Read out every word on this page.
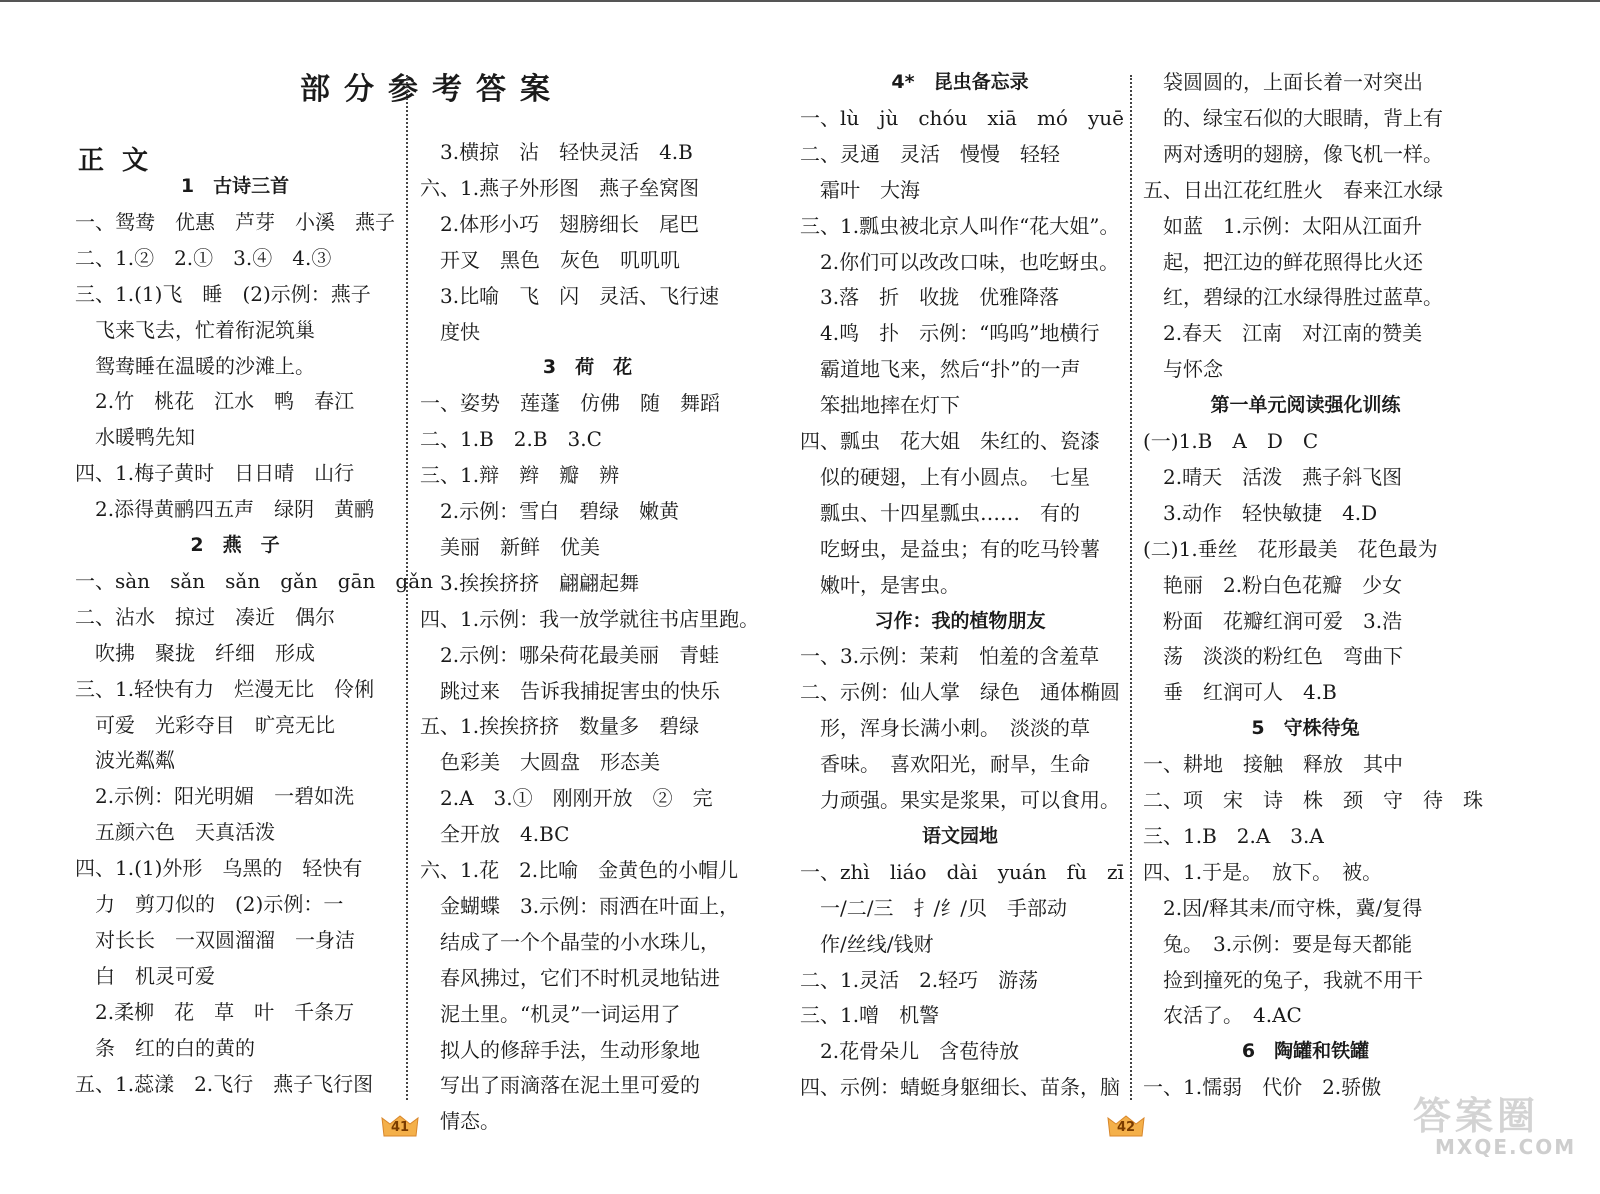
部分参考答案
正文
1　古诗三首
一、鸳鸯　优惠　芦芽　小溪　燕子
二、1.②　2.①　3.④　4.③
三、1.(1)飞　睡　(2)示例：燕子
　飞来飞去，忙着衔泥筑巢
　鸳鸯睡在温暖的沙滩上。
　2.竹　桃花　江水　鸭　春江
　水暖鸭先知
四、1.梅子黄时　日日晴　山行
　2.添得黄鹂四五声　绿阴　黄鹂
2　燕　子
一、sàn　sǎn　sǎn　gǎn　gān　gǎn
二、沾水　掠过　凑近　偶尔
　吹拂　聚拢　纤细　形成
三、1.轻快有力　烂漫无比　伶俐
　可爱　光彩夺目　旷亮无比
　波光粼粼
　2.示例：阳光明媚　一碧如洗
　五颜六色　天真活泼
四、1.(1)外形　乌黑的　轻快有
　力　剪刀似的　(2)示例：一
　对长长　一双圆溜溜　一身洁
　白　机灵可爱
　2.柔柳　花　草　叶　千条万
　条　红的白的黄的
五、1.蕊漾　2.飞行　燕子飞行图
　3.横掠　沾　轻快灵活　4.B
六、1.燕子外形图　燕子垒窝图
　2.体形小巧　翅膀细长　尾巴
　开叉　黑色　灰色　叽叽叽
　3.比喻　飞　闪　灵活、飞行速
　度快
3　荷　花
一、姿势　莲蓬　仿佛　随　舞蹈
二、1.B　2.B　3.C
三、1.辩　辫　瓣　辨
　2.示例：雪白　碧绿　嫩黄
　美丽　新鲜　优美
　3.挨挨挤挤　翩翩起舞
四、1.示例：我一放学就往书店里跑。
　2.示例：哪朵荷花最美丽　青蛙
　跳过来　告诉我捕捉害虫的快乐
五、1.挨挨挤挤　数量多　碧绿
　色彩美　大圆盘　形态美
　2.A　3.①　刚刚开放　②　完
　全开放　4.BC
六、1.花　2.比喻　金黄色的小帽儿
　金蝴蝶　3.示例：雨洒在叶面上，
　结成了一个个晶莹的小水珠儿，
　春风拂过，它们不时机灵地钻进
　泥土里。“机灵”一词运用了
　拟人的修辞手法，生动形象地
　写出了雨滴落在泥土里可爱的
　情态。
4*　昆虫备忘录
一、lù　jù　chóu　xiā　mó　yuē
二、灵通　灵活　慢慢　轻轻
　霜叶　大海
三、1.瓢虫被北京人叫作“花大姐”。
　2.你们可以改改口味，也吃蚜虫。
　3.落　折　收拢　优雅降落
　4.鸣　扑　示例：“呜呜”地横行
　霸道地飞来，然后“扑”的一声
　笨拙地摔在灯下
四、瓢虫　花大姐　朱红的、瓷漆
　似的硬翅，上有小圆点。　七星
　瓢虫、十四星瓢虫……　有的
　吃蚜虫，是益虫；有的吃马铃薯
　嫩叶，是害虫。
习作：我的植物朋友
一、3.示例：茉莉　怕羞的含羞草
二、示例：仙人掌　绿色　通体椭圆
　形，浑身长满小刺。　淡淡的草
　香味。　喜欢阳光，耐旱，生命
　力顽强。果实是浆果，可以食用。
语文园地
一、zhì　liáo　dài　yuán　fù　zī
　一/二/三　扌/纟/贝　手部动
　作/丝线/钱财
二、1.灵活　2.轻巧　游荡
三、1.噌　机警
　2.花骨朵儿　含苞待放
四、示例：蜻蜓身躯细长、苗条，脑
　袋圆圆的，上面长着一对突出
　的、绿宝石似的大眼睛，背上有
　两对透明的翅膀，像飞机一样。
五、日出江花红胜火　春来江水绿
　如蓝　1.示例：太阳从江面升
　起，把江边的鲜花照得比火还
　红，碧绿的江水绿得胜过蓝草。
　2.春天　江南　对江南的赞美
　与怀念
第一单元阅读强化训练
(一)1.B　A　D　C
　2.晴天　活泼　燕子斜飞图
　3.动作　轻快敏捷　4.D
(二)1.垂丝　花形最美　花色最为
　艳丽　2.粉白色花瓣　少女
　粉面　花瓣红润可爱　3.浩
　荡　淡淡的粉红色　弯曲下
　垂　红润可人　4.B
5　守株待兔
一、耕地　接触　释放　其中
二、项　宋　诗　株　颈　守　待　珠
三、1.B　2.A　3.A
四、1.于是。　放下。　被。
　2.因/释其耒/而守株，冀/复得
　兔。　3.示例：要是每天都能
　捡到撞死的兔子，我就不用干
　农活了。　4.AC
6　陶罐和铁罐
一、1.懦弱　代价　2.骄傲
41	42	答案圈
MXQE.COM
